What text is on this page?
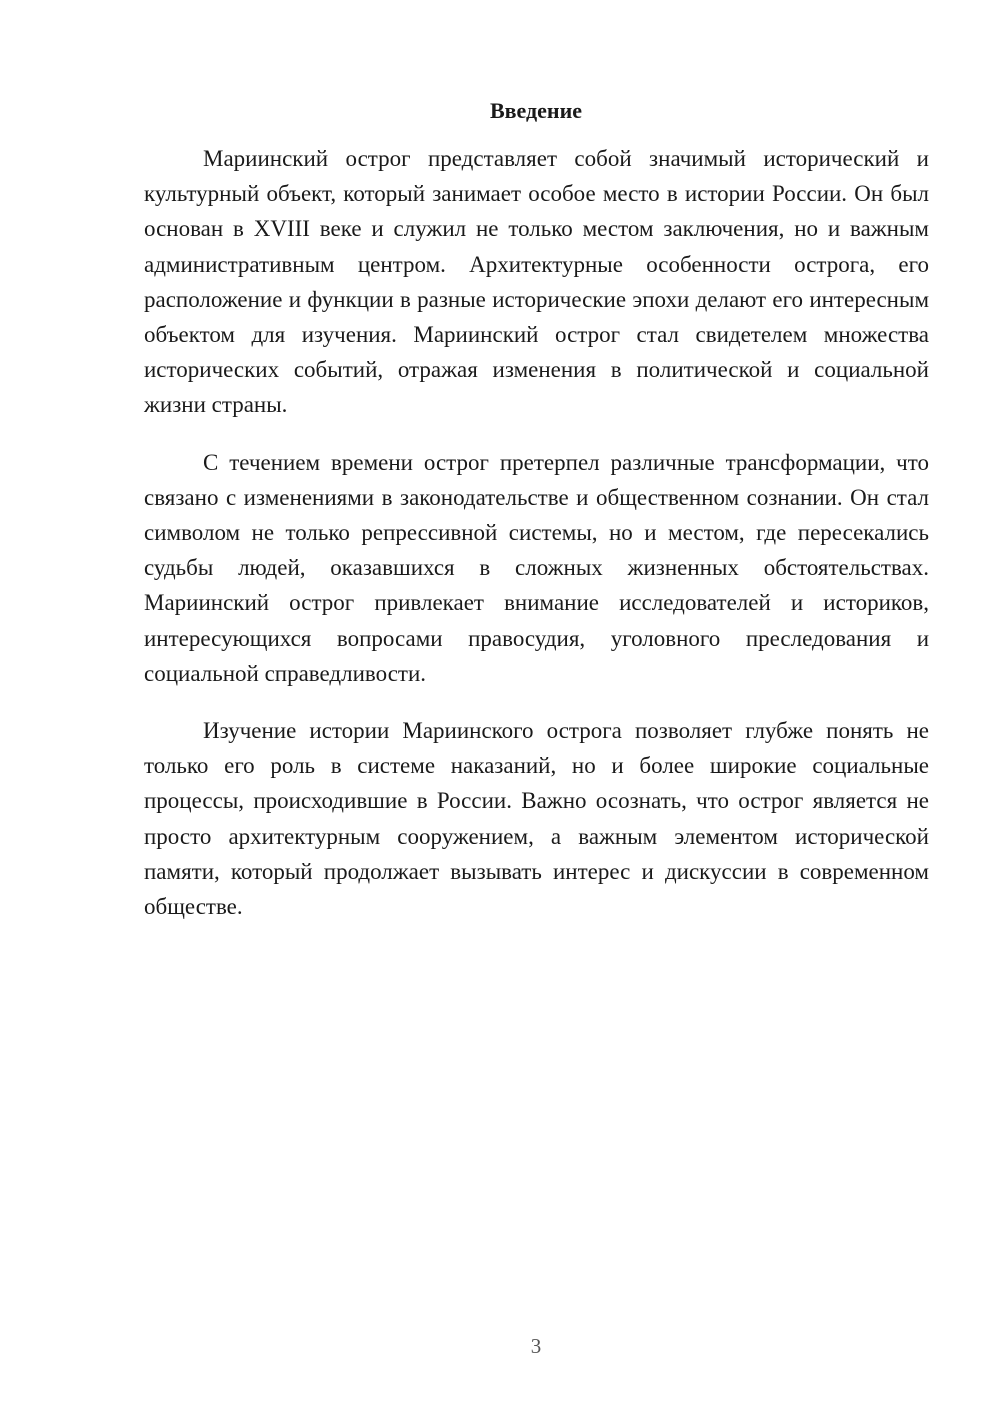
Введение

Мариинский острог представляет собой значимый исторический и культурный объект, который занимает особое место в истории России. Он был основан в XVIII веке и служил не только местом заключения, но и важным административным центром. Архитектурные особенности острога, его расположение и функции в разные исторические эпохи делают его интересным объектом для изучения. Мариинский острог стал свидетелем множества исторических событий, отражая изменения в политической и социальной жизни страны.

С течением времени острог претерпел различные трансформации, что связано с изменениями в законодательстве и общественном сознании. Он стал символом не только репрессивной системы, но и местом, где пересекались судьбы людей, оказавшихся в сложных жизненных обстоятельствах. Мариинский острог привлекает внимание исследователей и историков, интересующихся вопросами правосудия, уголовного преследования и социальной справедливости.

Изучение истории Мариинского острога позволяет глубже понять не только его роль в системе наказаний, но и более широкие социальные процессы, происходившие в России. Важно осознать, что острог является не просто архитектурным сооружением, а важным элементом исторической памяти, который продолжает вызывать интерес и дискуссии в современном обществе.

3
